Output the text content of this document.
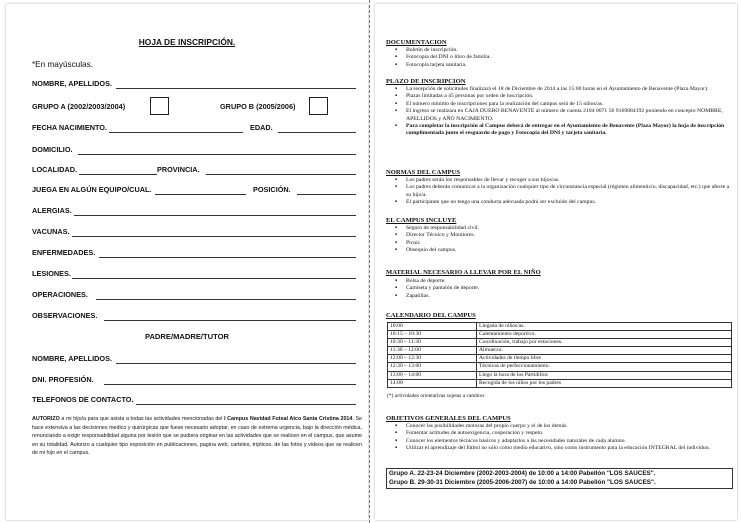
HOJA DE INSCRIPCIÓN.
*En mayúsculas.
NOMBRE, APELLIDOS.
GRUPO A (2002/2003/2004)	GRUPO B (2005/2006)
FECHA NACIMIENTO.	EDAD.
DOMICILIO.
LOCALIDAD.	PROVINCIA.
JUEGA EN ALGÚN EQUIPO/CUAL.	POSICIÓN.
ALERGIAS.
VACUNAS.
ENFERMEDADES.
LESIONES.
OPERACIONES.
OBSERVACIONES.
PADRE/MADRE/TUTOR
NOMBRE, APELLIDOS.
DNI. PROFESIÓN.
TELEFONOS DE CONTACTO.
AUTORIZO a mi hijo/a para que asista a todas las actividades mencionadas del I Campus Navidad Futsal Atco Santa Cristina 2014. Se hace extensiva a las decisiones medico y quirúrgicas que fuese necesario adoptar, en caso de extrema urgencia, bajo la dirección médica, renunciando a exigir responsabilidad alguna por lesión que se pudiera originar en las actividades que se realicen en el campus, que asume en su totalidad. Autorizo a cualquier tipo exposición en publicaciones, pagina web, carteles, trípticos, de las fotos y videos que se realicen de mi hijo en el campus.
DOCUMENTACION
▪ Boletín de inscripción.
▪ Fotocopia del DNI o libro de familia.
▪ Fotocopia tarjeta sanitaria.
PLAZO DE INSCRIPCION
▪ La recepción de solicitudes finalizará el 18 de Diciembre de 2014 a las 15:00 horas en el Ayuntamiento de Benavente (Plaza Mayor).
▪ Plazas limitadas a 45 personas por orden de inscripción.
▪ El número mínimo de inscripciones para la realización del campus será de 15 niños/as.
▪ El ingreso se realizara en CAJA DUERO BENAVENTE al número de cuenta 2104 0071 56 9169084192 poniendo en concepto NOMBRE, APELLIDOS y AÑO NACIMIENTO.
▪ Para completar la inscripción al Campus deberá de entregar en el Ayuntamiento de Benavente (Plaza Mayor) la hoja de inscripción cumplimentada junto el resguardo de pago y Fotocopia del DNI y tarjeta sanitaria.
NORMAS DEL CAMPUS
▪ Los padres serán los responsables de llevar y recoger a sus hijos/as.
▪ Los padres deberán comunicar a la organización cualquier tipo de circunstancia especial (régimen alimenticio, discapacidad, etc.) que afecte a su hijo/a.
▪ El participante que no tenga una conducta adecuada podrá ser excluido del campus.
EL CAMPUS INCLUYE
▪ Seguro de responsabilidad civil.
▪ Director Técnico y Monitores.
▪ Picnic
▪ Obsequio del campus.
MATERIAL NECESARIO A LLEVAR POR EL NIÑO
▪ Bolsa de deporte.
▪ Camiseta y pantalón de deporte.
▪ Zapatillas.
CALENDARIO DEL CAMPUS
10:00	Llegada de niños/as.
10:15 – 10:30	Calentamiento deportivo.
10:30 – 11:30	Coordinación, trabajo por estaciones.
11:30 – 12:00	Almuerzo.
12:00 – 12:30	Actividades de tiempo libre
12:30 – 13:00	Técnicas de perfeccionamiento.
13:00 – 14:00	Llego la hora de los Partidillos
14:00	Recogida de los niños por los padres
(*) actividades orientativas sujetas a cambios
OBJETIVOS GENERALES DEL CAMPUS
▪ Conocer las posibilidades motoras del propio cuerpo y el de los demás.
▪ Fomentar actitudes de autoexigencia, cooperación y respeto.
▪ Conocer los elementos técnicos básicos y adaptarlos a las necesidades naturales de cada alumno.
▪ Utilizar el aprendizaje del fútbol no sólo como medio educativo, sino como instrumento para la educación INTEGRAL del individuo.
Grupo A. 22-23-24 Diciembre (2002-2003-2004) de 10:00 a 14:00 Pabellón "LOS SAUCES".
Grupo B. 29-30-31 Diciembre (2005-2006-2007) de 10:00 a 14:00 Pabellón "LOS SAUCES".
